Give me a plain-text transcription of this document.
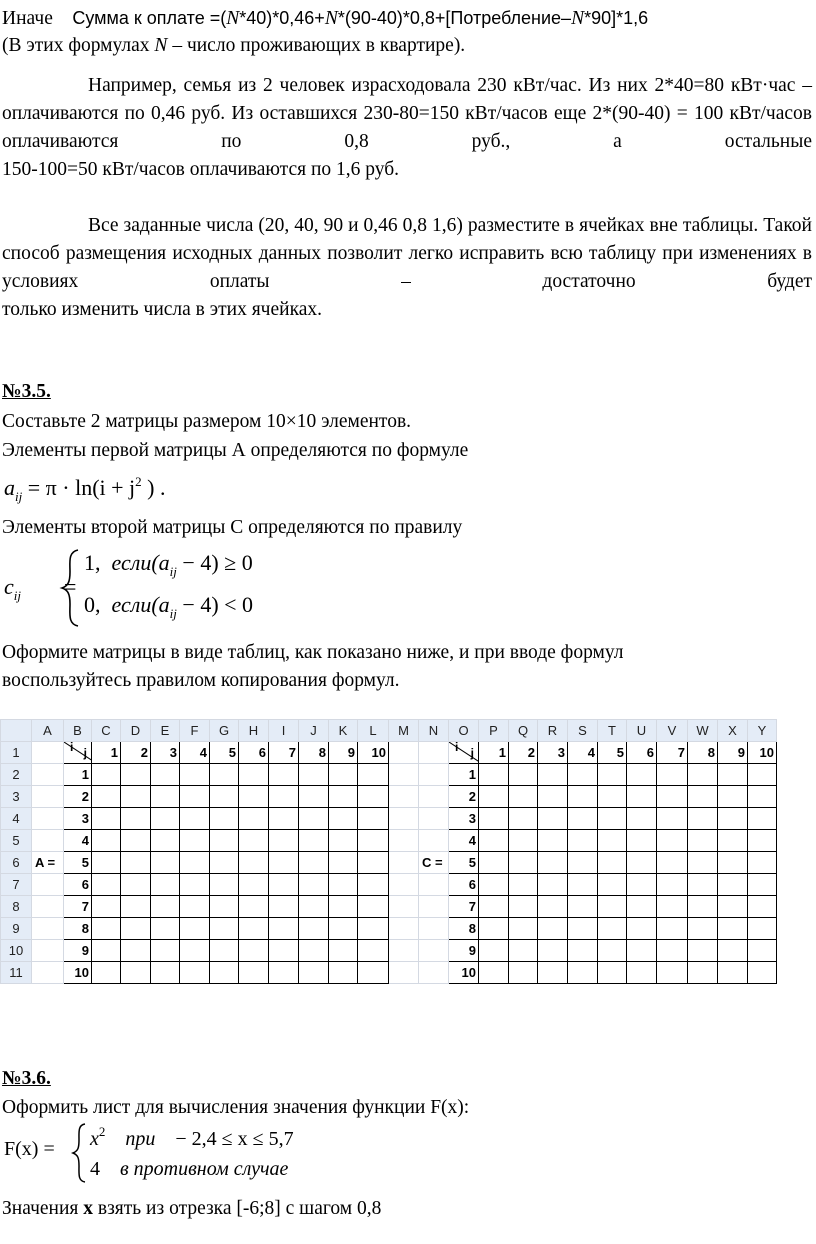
Иначе Сумма к оплате =(N*40)*0,46+N*(90-40)*0,8+[Потребление–N*90]*1,6
(В этих формулах N – число проживающих в квартире).

Например, семья из 2 человек израсходовала 230 кВт/час. Из них 2*40=80 кВт·час – оплачиваются по 0,46 руб. Из оставшихся 230-80=150 кВт/часов еще 2*(90-40) = 100 кВт/часов оплачиваются по 0,8 руб., а остальные

150-100=50 кВт/часов оплачиваются по 1,6 руб.

Все заданные числа (20, 40, 90 и 0,46 0,8 1,6) разместите в ячейках вне таблицы. Такой способ размещения исходных данных позволит легко исправить всю таблицу при изменениях в условиях оплаты – достаточно будет

только изменить числа в этих ячейках.

№3.5.
Составьте 2 матрицы размером 10×10 элементов.
Элементы первой матрицы А определяются по формуле
$a_{ij} = \pi \cdot \ln(i + j^2$ ) .
Элементы второй матрицы С определяются по правилу
$c_{ij}$ =
1, $если(a_{ij} - 4) \ge 0$
0, $если(a_{ij} - 4) < 0$
Оформите матрицы в виде таблиц, как показано ниже, и при вводе формул
воспользуйтесь правилом копирования формул.
	A	B	C	D	E	F	G	H	I	J	K	L	M	N	O	P	Q	R	S	T	U	V	W	X	Y
1		i j	1	2	3	4	5	6	7	8	9	10			i j	1	2	3	4	5	6	7	8	9	10
2		1													1										
3		2													2										
4		3													3										
5		4													4										
6	A =	5												C =	5										
7		6													6										
8		7													7										
9		8													8										
10		9													9										
11		10													10										
№3.6.
Оформить лист для вычисления значения функции F(x):
$F(x) = x^2$ при − 2,4 ≤ x ≤ 5,7
4 в противном случае
Значения x взять из отрезка [-6;8] с шагом 0,8
